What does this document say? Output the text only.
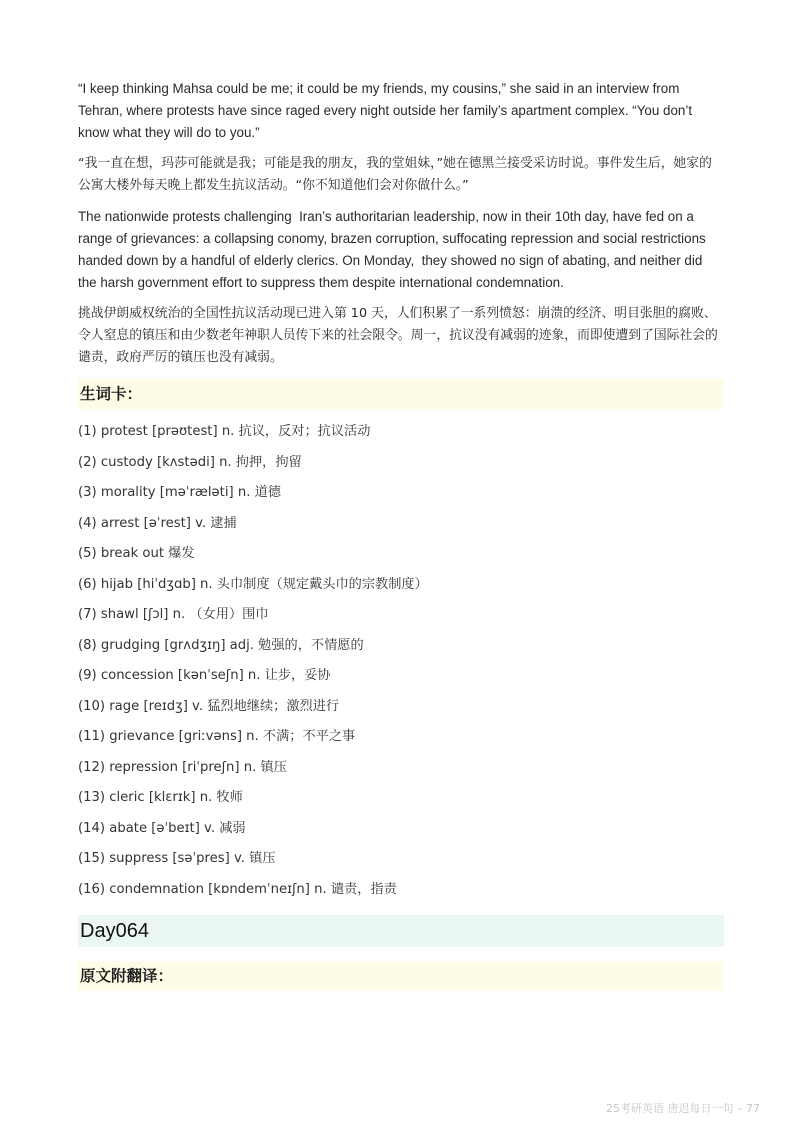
“I keep thinking Mahsa could be me; it could be my friends, my cousins,” she said in an interview from Tehran, where protests have since raged every night outside her family’s apartment complex. “You don’t know what they will do to you.”

“我一直在想，玛莎可能就是我；可能是我的朋友，我的堂姐妹，”她在德黑兰接受采访时说。事件发生后，她家的公寓大楼外每天晚上都发生抗议活动。“你不知道他们会对你做什么。”

The nationwide protests challenging  Iran’s authoritarian leadership, now in their 10th day, have fed on a range of grievances: a collapsing conomy, brazen corruption, suffocating repression and social restrictions handed down by a handful of elderly clerics. On Monday,  they showed no sign of abating, and neither did the harsh government effort to suppress them despite international condemnation.

挑战伊朗威权统治的全国性抗议活动现已进入第 10 天，人们积累了一系列愤怒：崩溃的经济、明目张胆的腐败、令人窒息的镇压和由少数老年神职人员传下来的社会限令。周一，抗议没有减弱的迹象，而即使遭到了国际社会的谴责，政府严厉的镇压也没有减弱。

生词卡：
(1) protest [prəʊtest] n. 抗议，反对；抗议活动
(2) custody [kʌstədi] n. 拘押，拘留
(3) morality [məˈræləti] n. 道德
(4) arrest [əˈrest] v. 逮捕
(5) break out 爆发
(6) hijab [hiˈdʒɑb] n. 头巾制度（规定戴头巾的宗教制度）
(7) shawl [ʃɔl] n. （女用）围巾
(8) grudging [grʌdʒɪŋ] adj. 勉强的，不情愿的
(9) concession [kənˈseʃn] n. 让步，妥协
(10) rage [reɪdʒ] v. 猛烈地继续；激烈进行
(11) grievance [griːvəns] n. 不满；不平之事
(12) repression [riˈpreʃn] n. 镇压
(13) cleric [klɛrɪk] n. 牧师
(14) abate [əˈbeɪt] v. 减弱
(15) suppress [səˈpres] v. 镇压
(16) condemnation [kɒndemˈneɪʃn] n. 谴责，指责
Day064
原文附翻译：
25考研英语 唐迟每日一句 – 77
